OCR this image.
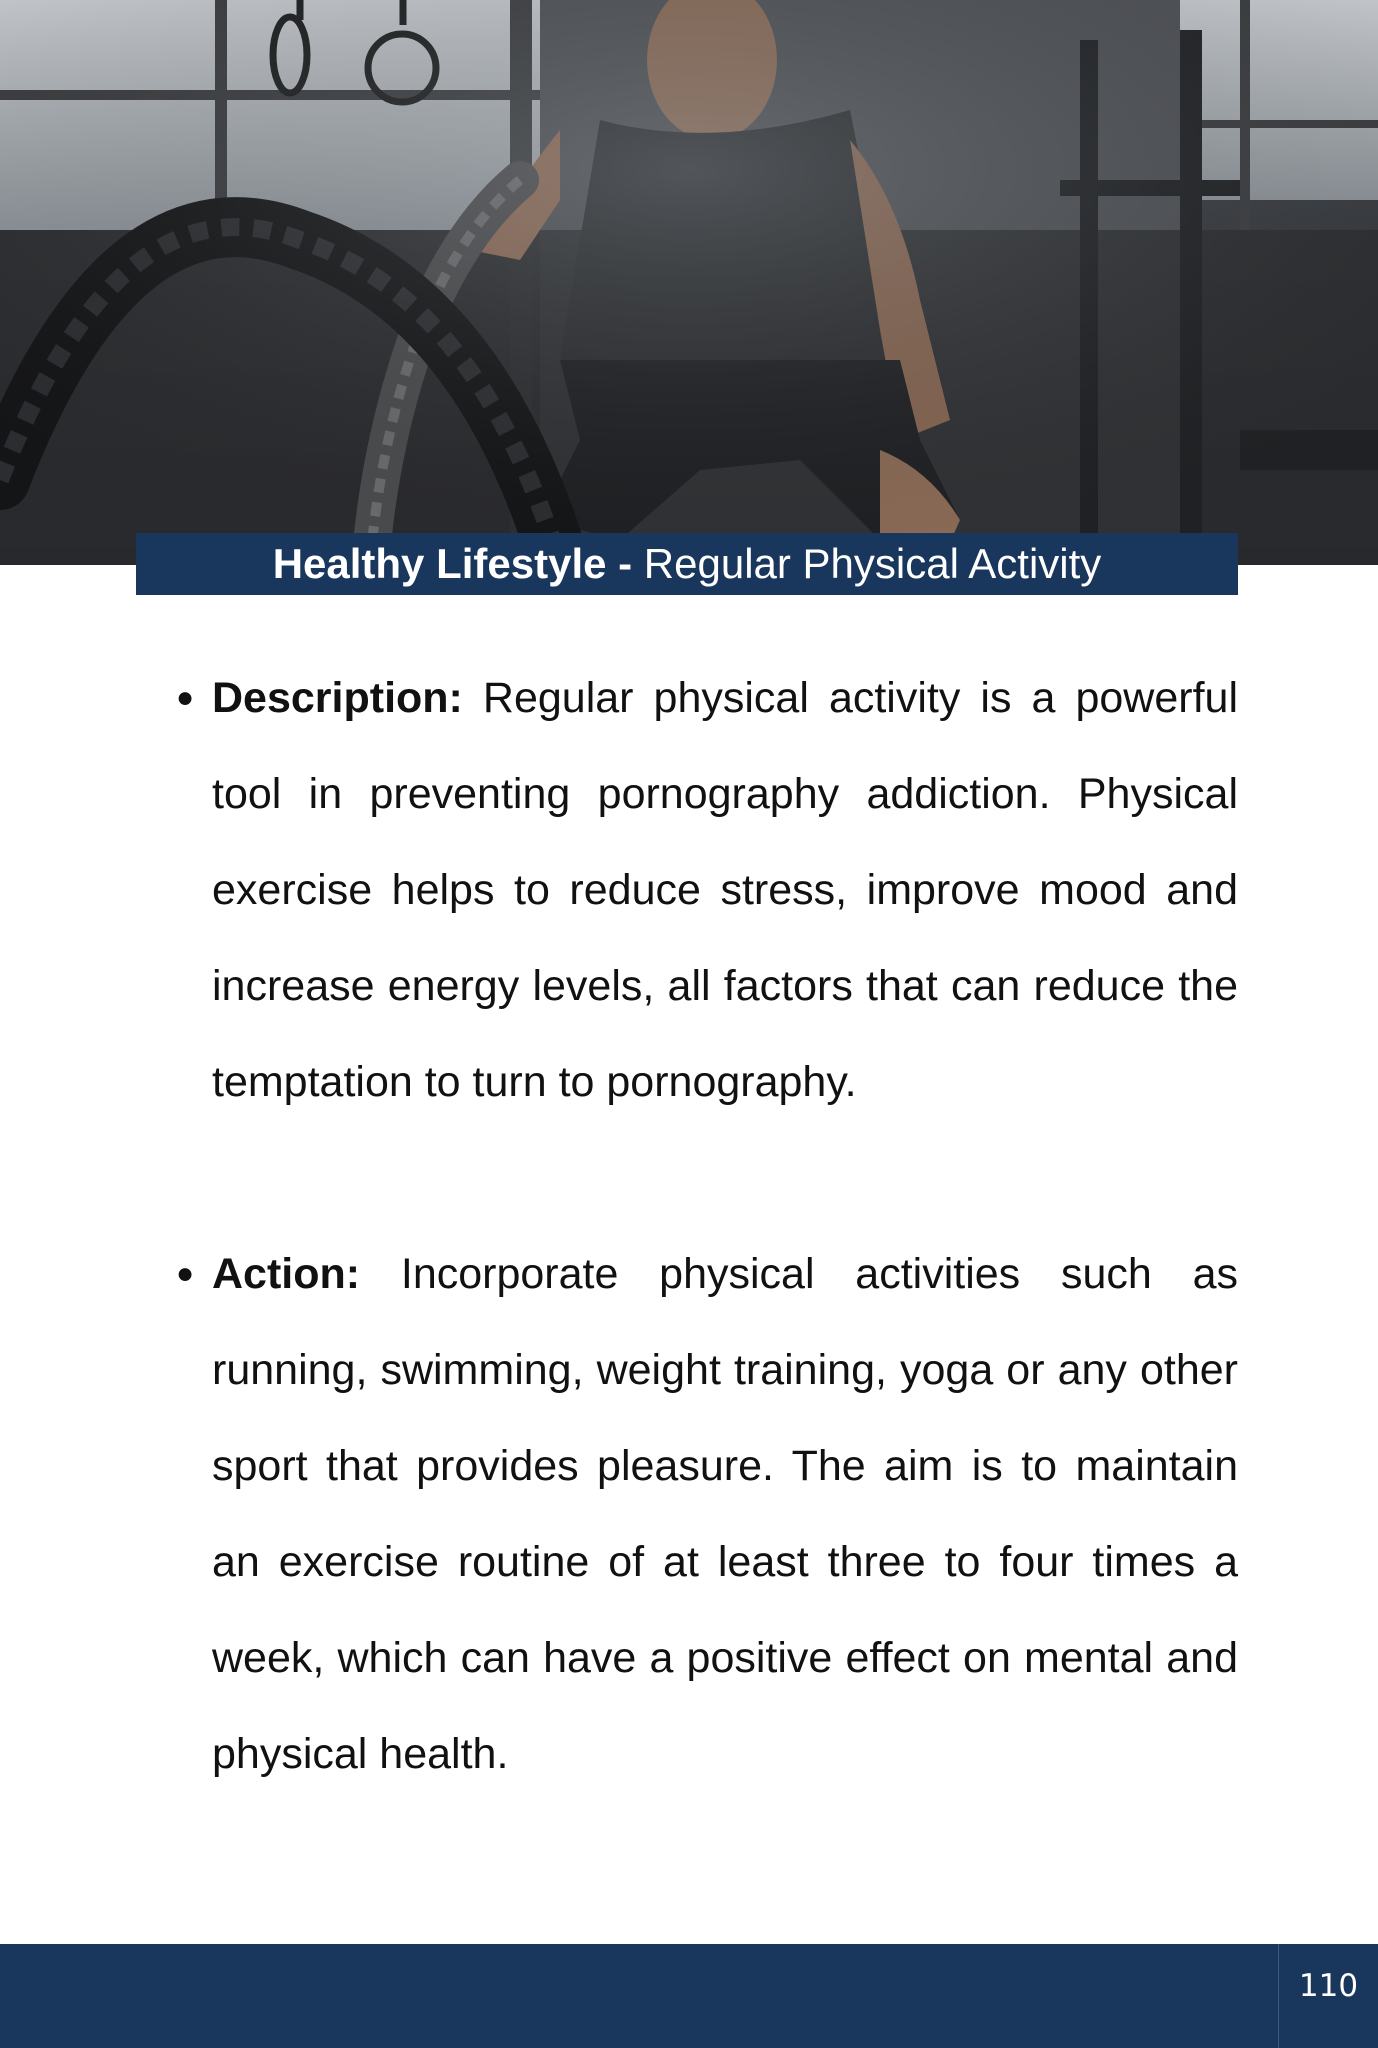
Healthy Lifestyle - Regular Physical Activity
● Description: Regular physical activity is a powerful tool in preventing pornography addiction. Physical exercise helps to reduce stress, improve mood and increase energy levels, all factors that can reduce the temptation to turn to pornography.
● Action: Incorporate physical activities such as running, swimming, weight training, yoga or any other sport that provides pleasure. The aim is to maintain an exercise routine of at least three to four times a week, which can have a positive effect on mental and physical health.
110
